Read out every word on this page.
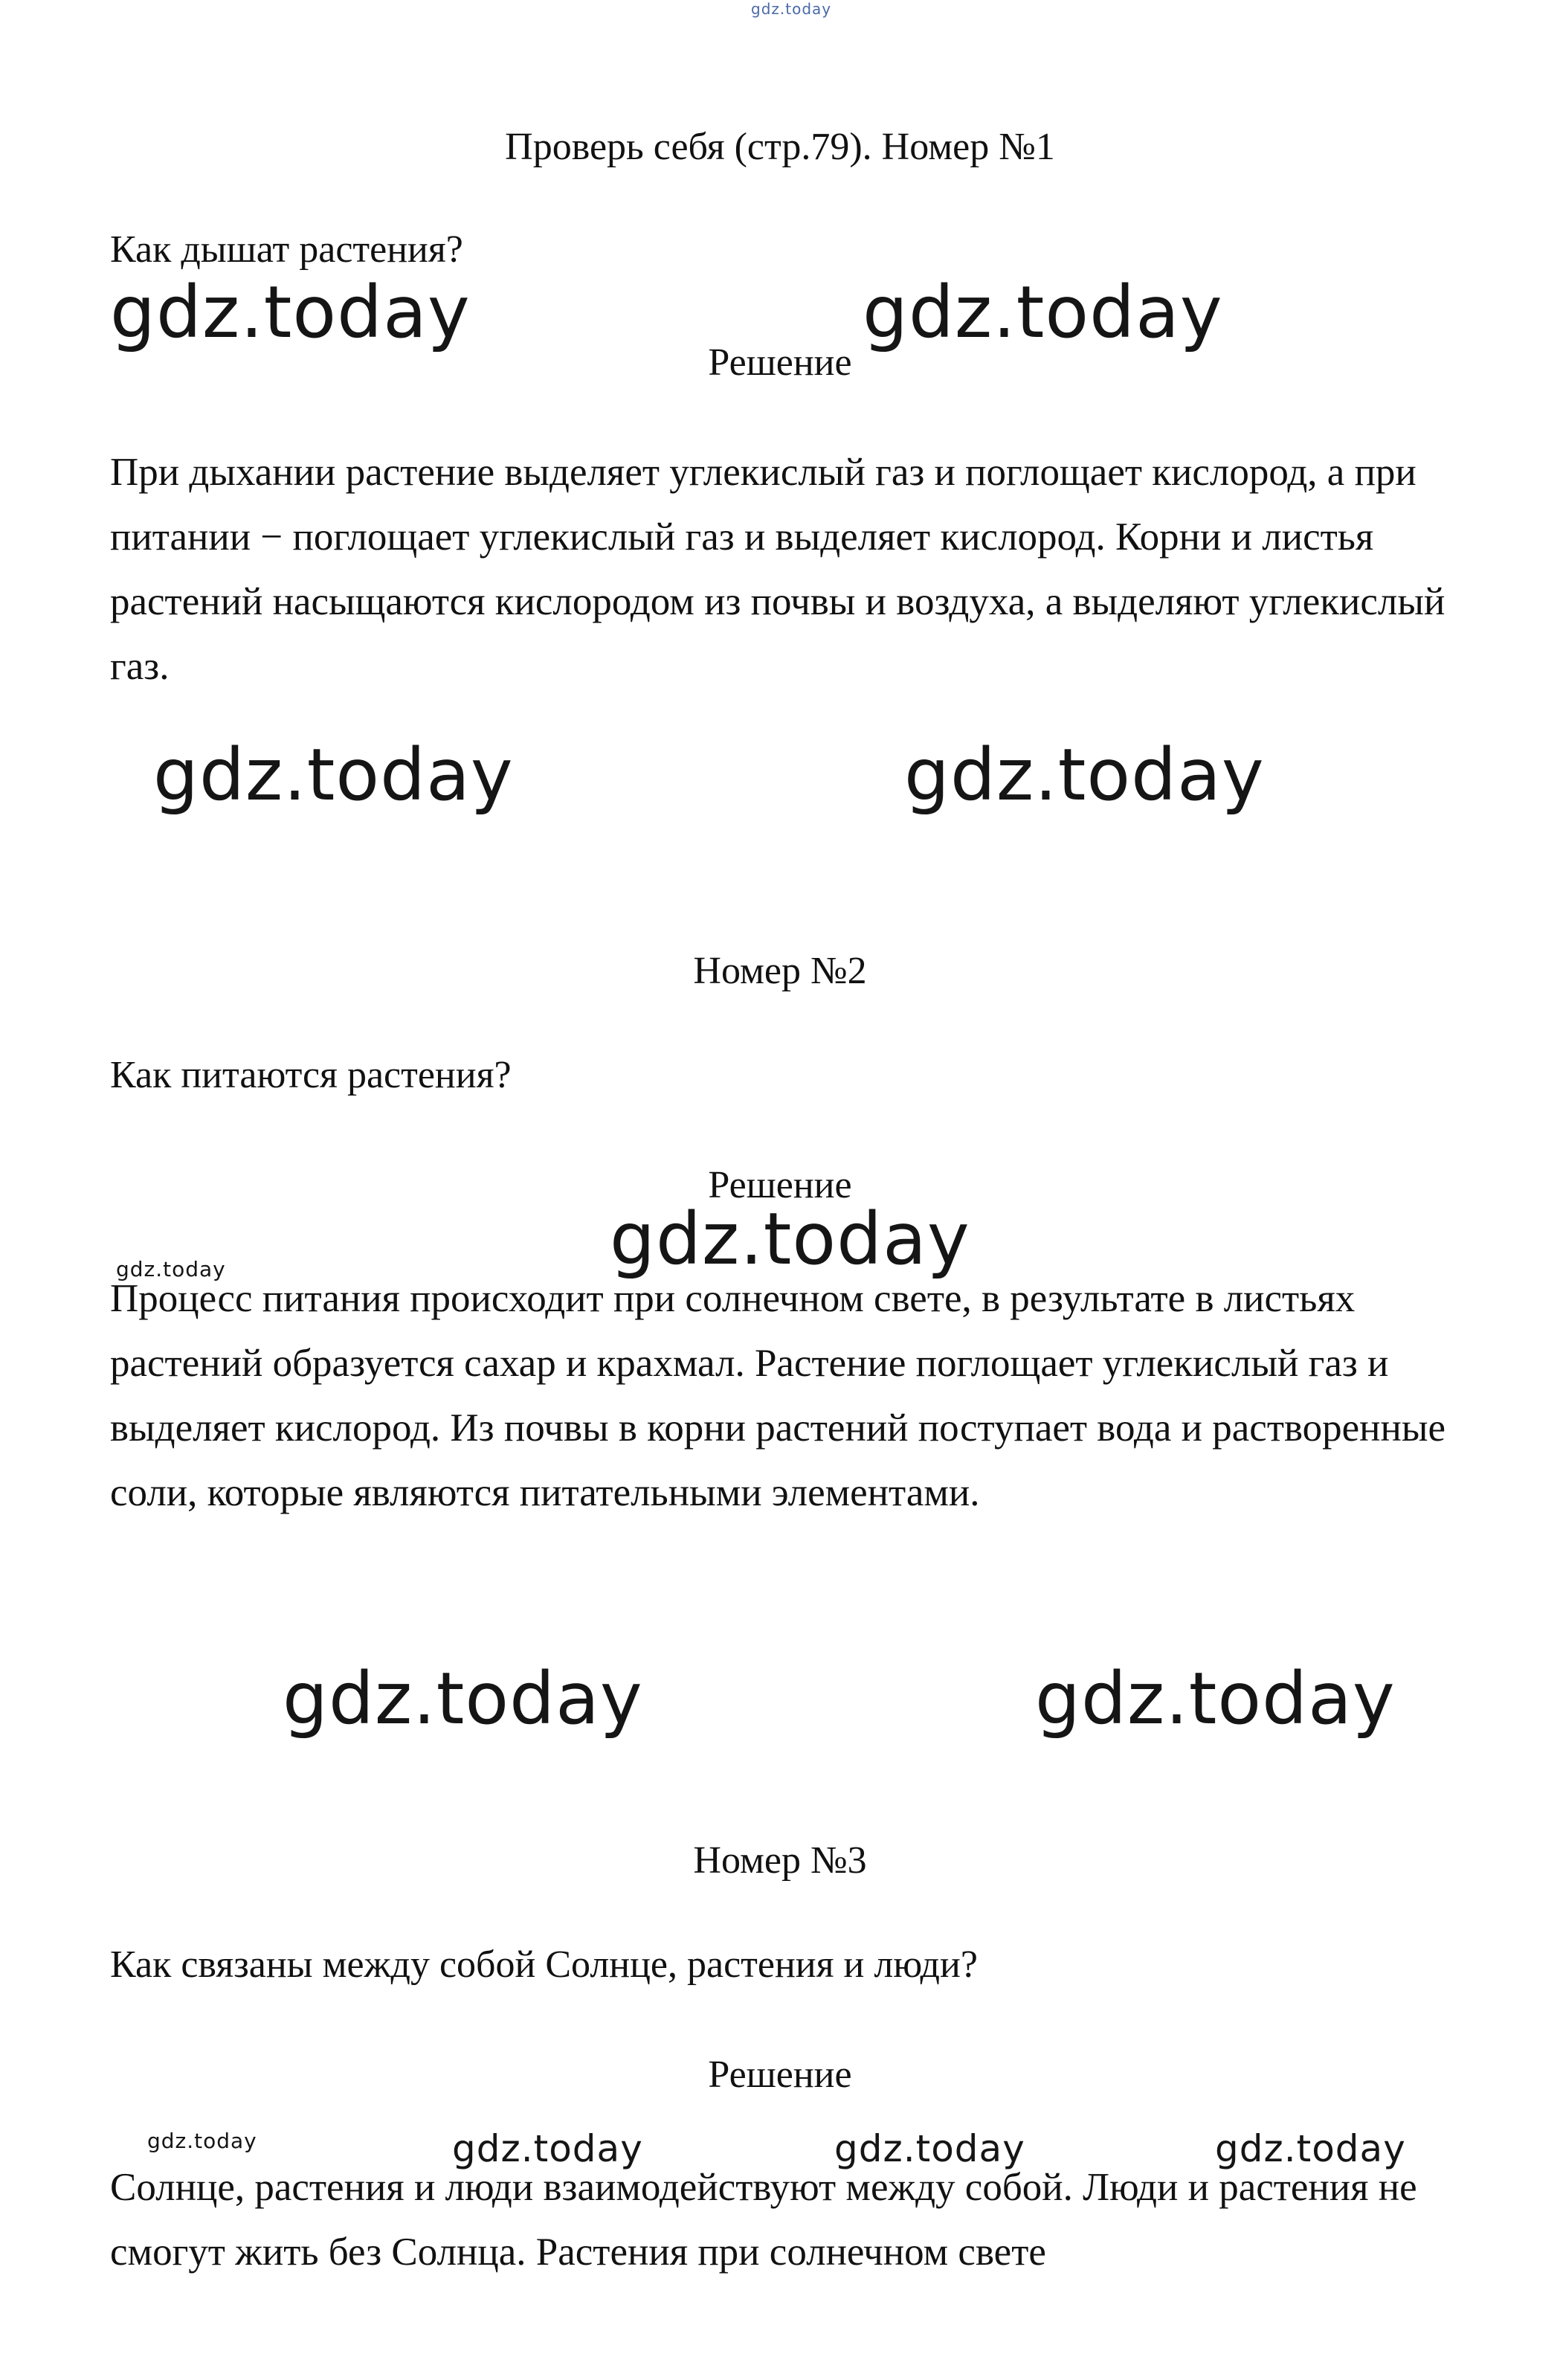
gdz.today
Проверь себя (стр.79). Номер №1
Как дышат растения?
gdz.today	gdz.today
Решение
При дыхании растение выделяет углекислый газ и поглощает кислород, а при питании − поглощает углекислый газ и выделяет кислород. Корни и листья растений насыщаются кислородом из почвы и воздуха, а выделяют углекислый газ.
gdz.today	gdz.today
Номер №2
Как питаются растения?
Решение
gdz.today
gdz.today
Процесс питания происходит при солнечном свете, в результате в листьях растений образуется сахар и крахмал. Растение поглощает углекислый газ и выделяет кислород. Из почвы в корни растений поступает вода и растворенные соли, которые являются питательными элементами.
gdz.today	gdz.today
Номер №3
Как связаны между собой Солнце, растения и люди?
Решение
gdz.today	gdz.today	gdz.today	gdz.today
Солнце, растения и люди взаимодействуют между собой. Люди и растения не смогут жить без Солнца. Растения при солнечном свете
